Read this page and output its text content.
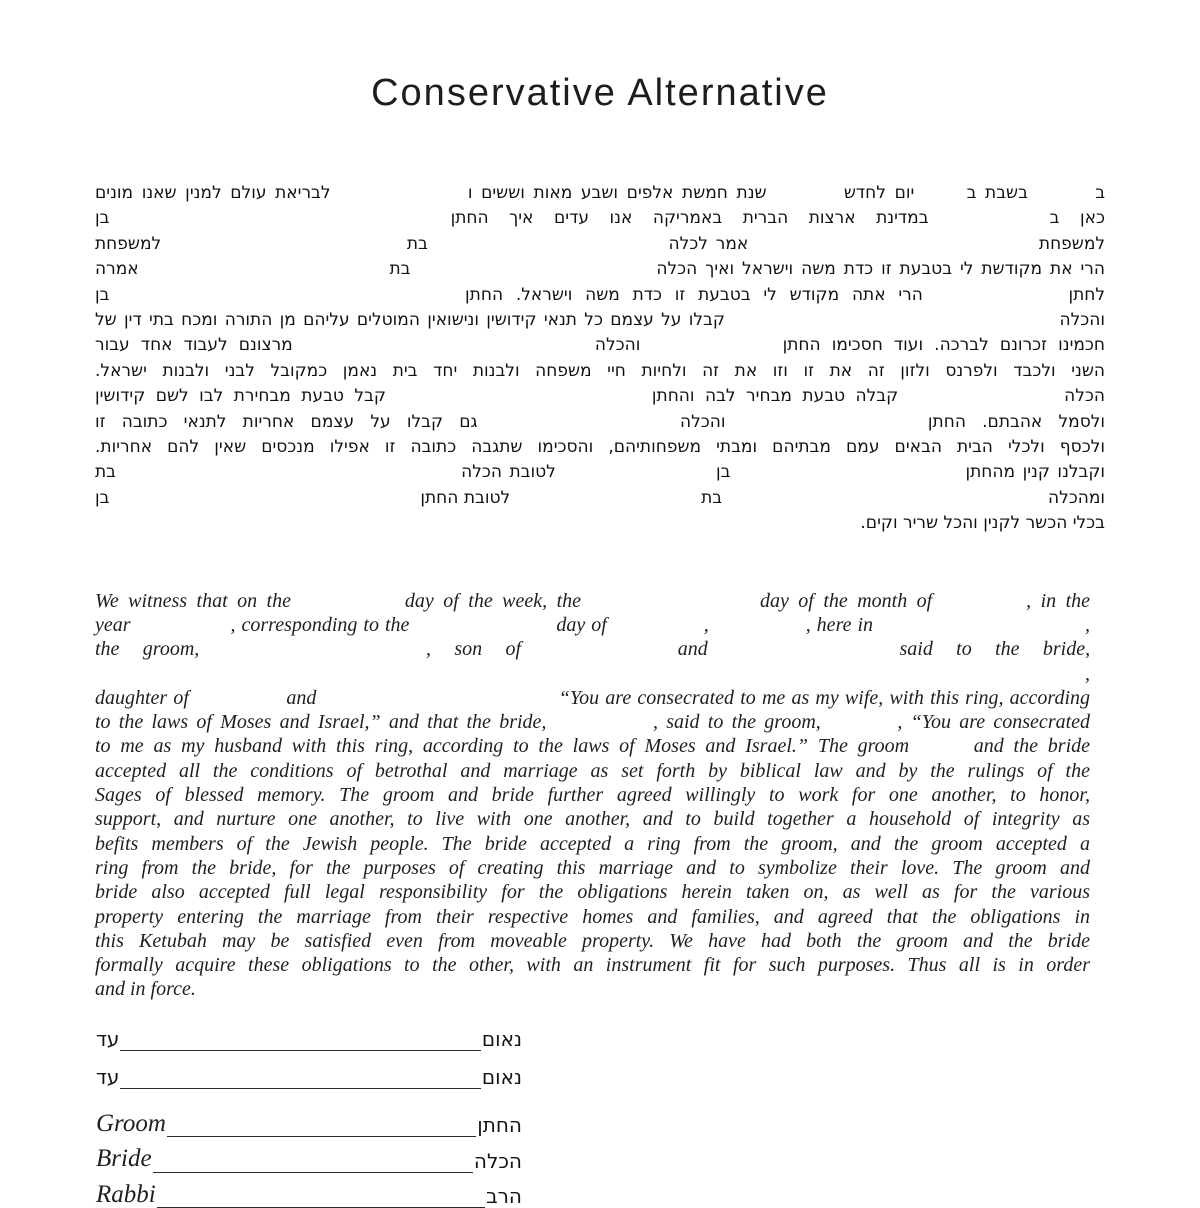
Conservative Alternative
ב  בשבת ב  יום לחדש  שנת חמשת אלפים ושבע מאות וששים ו  לבריאת עולם למנין שאנו מונים
כאן ב  במדינת ארצות הברית באמריקה אנו עדים איך החתן  בן
למשפחת  אמר לכלה  בת  למשפחת
הרי את מקודשת לי בטבעת זו כדת משה וישראל ואיך הכלה  בת  אמרה
לחתן  הרי אתה מקודש לי בטבעת זו כדת משה וישראל. החתן  בן
והכלה  קבלו על עצמם כל תנאי קידושין ונישואין המוטלים עליהם מן התורה ומכח בתי דין של
חכמינו זכרונם לברכה. ועוד חסכימו החתן  והכלה  מרצונם לעבוד אחד עבור
השני ולכבד ולפרנס ולזון זה את זו וזו את זה ולחיות חיי משפחה ולבנות יחד בית נאמן כמקובל לבני ולבנות ישראל.
הכלה  קבלה טבעת מבחיר לבה והחתן  קבל טבעת מבחירת לבו לשם קידושין
ולסמל אהבתם. החתן  והכלה  גם קבלו על עצמם אחריות לתנאי כתובה זו
ולכסף ולכלי הבית הבאים עמם מבתיהם ומבתי משפחותיהם, והסכימו שתגבה כתובה זו אפילו מנכסים שאין להם אחריות.
וקבלנו קנין מהחתן  בן  לטובת הכלה  בת
ומהכלה  בת  לטובת החתן  בן
בכלי הכשר לקנין והכל שריר וקים.
We witness that on the	day of the week, the	day of the month of	, in the
year	, corresponding to the	day of	,	, here in	,
the groom,	, son of	and	said to the bride,  ,
daughter of	and	“You are consecrated to me as my wife, with this ring, according
to the laws of Moses and Israel,” and that the bride,	, said to the groom,	, “You are consecrated
to me as my husband with this ring, according to the laws of Moses and Israel.” The groom	and the bride
accepted all the conditions of betrothal and marriage as set forth by biblical law and by the rulings of the
Sages of blessed memory. The groom and bride further agreed willingly to work for one another, to honor,
support, and nurture one another, to live with one another, and to build together a household of integrity as
befits members of the Jewish people. The bride accepted a ring from the groom, and the groom accepted a
ring from the bride, for the purposes of creating this marriage and to symbolize their love. The groom and
bride also accepted full legal responsibility for the obligations herein taken on, as well as for the various
property entering the marriage from their respective homes and families, and agreed that the obligations in
this Ketubah may be satisfied even from moveable property. We have had both the groom and the bride
formally acquire these obligations to the other, with an instrument fit for such purposes. Thus all is in order
and in force.
עד	נאום
עד	נאום
Groom	החתן
Bride	הכלה
Rabbi	הרב
